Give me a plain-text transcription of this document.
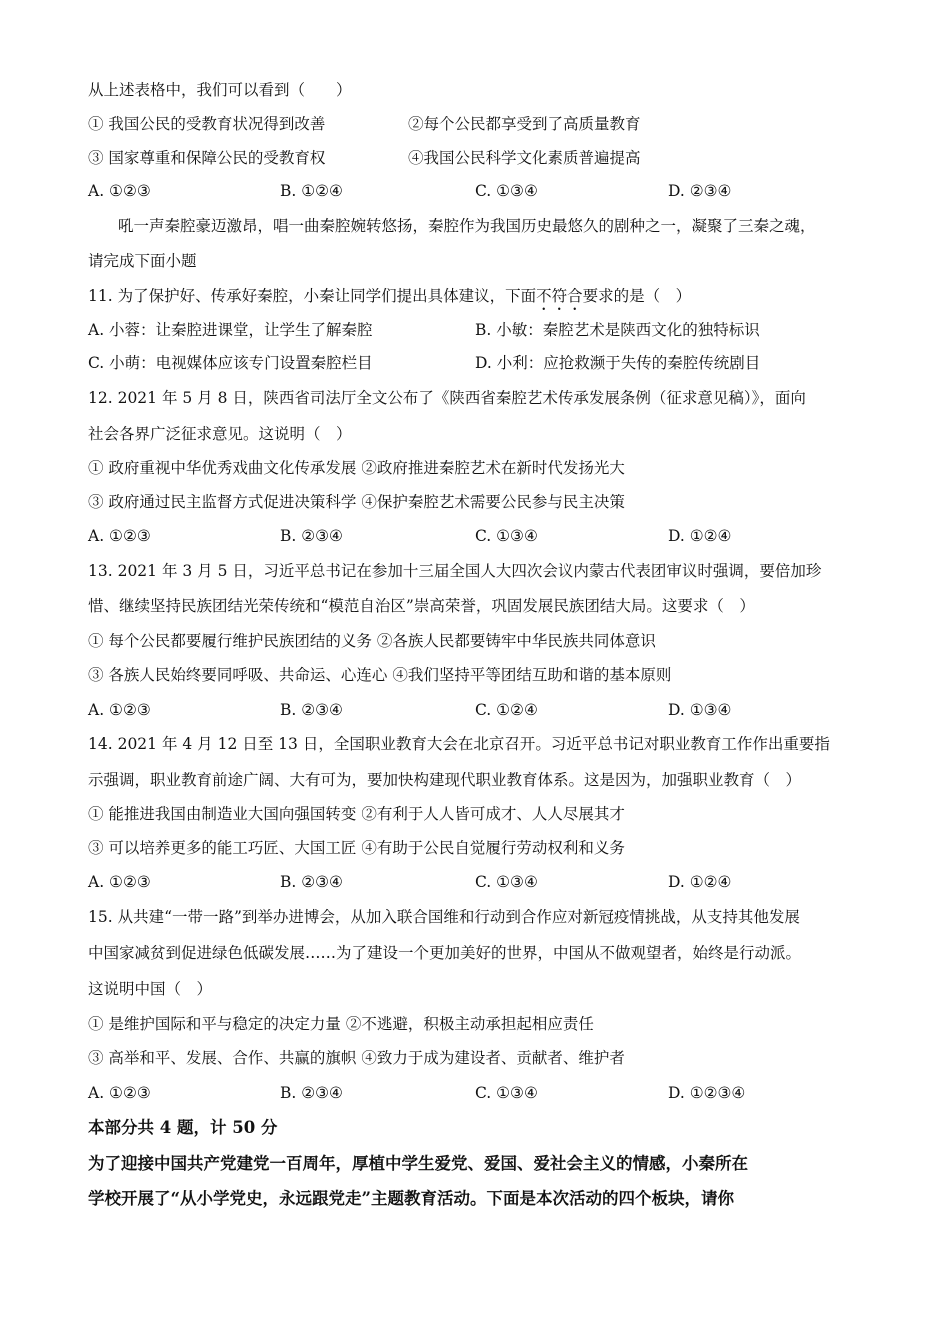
从上述表格中，我们可以看到（　　）
① 我国公民的受教育状况得到改善	②每个公民都享受到了高质量教育
③ 国家尊重和保障公民的受教育权	④我国公民科学文化素质普遍提高
A. ①②③	B. ①②④	C. ①③④	D. ②③④
吼一声秦腔豪迈激昂，唱一曲秦腔婉转悠扬，秦腔作为我国历史最悠久的剧种之一，凝聚了三秦之魂，
请完成下面小题
11. 为了保护好、传承好秦腔，小秦让同学们提出具体建议，下面不符合要求的是（　）
A. 小蓉：让秦腔进课堂，让学生了解秦腔	B. 小敏：秦腔艺术是陕西文化的独特标识
C. 小萌：电视媒体应该专门设置秦腔栏目	D. 小利：应抢救濒于失传的秦腔传统剧目
12. 2021 年 5 月 8 日，陕西省司法厅全文公布了《陕西省秦腔艺术传承发展条例（征求意见稿）》，面向
社会各界广泛征求意见。这说明（　）
① 政府重视中华优秀戏曲文化传承发展 ②政府推进秦腔艺术在新时代发扬光大
③ 政府通过民主监督方式促进决策科学 ④保护秦腔艺术需要公民参与民主决策
A. ①②③	B. ②③④	C. ①③④	D. ①②④
13. 2021 年 3 月 5 日，习近平总书记在参加十三届全国人大四次会议内蒙古代表团审议时强调，要倍加珍
惜、继续坚持民族团结光荣传统和“模范自治区”崇高荣誉，巩固发展民族团结大局。这要求（　）
① 每个公民都要履行维护民族团结的义务 ②各族人民都要铸牢中华民族共同体意识
③ 各族人民始终要同呼吸、共命运、心连心 ④我们坚持平等团结互助和谐的基本原则
A. ①②③	B. ②③④	C. ①②④	D. ①③④
14. 2021 年 4 月 12 日至 13 日，全国职业教育大会在北京召开。习近平总书记对职业教育工作作出重要指
示强调，职业教育前途广阔、大有可为，要加快构建现代职业教育体系。这是因为，加强职业教育（　）
① 能推进我国由制造业大国向强国转变 ②有利于人人皆可成才、人人尽展其才
③ 可以培养更多的能工巧匠、大国工匠 ④有助于公民自觉履行劳动权利和义务
A. ①②③	B. ②③④	C. ①③④	D. ①②④
15. 从共建“一带一路”到举办进博会，从加入联合国维和行动到合作应对新冠疫情挑战，从支持其他发展
中国家减贫到促进绿色低碳发展……为了建设一个更加美好的世界，中国从不做观望者，始终是行动派。
这说明中国（　）
① 是维护国际和平与稳定的决定力量 ②不逃避，积极主动承担起相应责任
③ 高举和平、发展、合作、共赢的旗帜 ④致力于成为建设者、贡献者、维护者
A. ①②③	B. ②③④	C. ①③④	D. ①②③④
本部分共 4 题，计 50 分
为了迎接中国共产党建党一百周年，厚植中学生爱党、爱国、爱社会主义的情感，小秦所在
学校开展了“从小学党史，永远跟党走”主题教育活动。下面是本次活动的四个板块，请你
